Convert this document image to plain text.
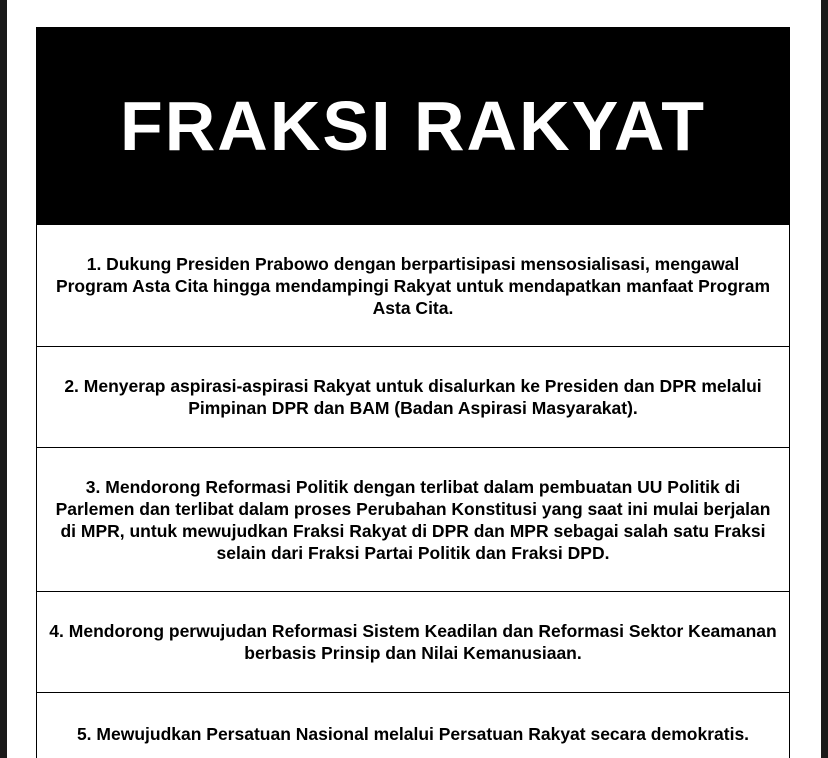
FRAKSI RAKYAT
1. Dukung Presiden Prabowo dengan berpartisipasi mensosialisasi, mengawal Program Asta Cita hingga mendampingi Rakyat untuk mendapatkan manfaat Program Asta Cita.
2. Menyerap aspirasi-aspirasi Rakyat untuk disalurkan ke Presiden dan DPR melalui Pimpinan DPR dan BAM (Badan Aspirasi Masyarakat).
3. Mendorong Reformasi Politik dengan terlibat dalam pembuatan UU Politik di Parlemen dan terlibat dalam proses Perubahan Konstitusi yang saat ini mulai berjalan di MPR, untuk mewujudkan Fraksi Rakyat di DPR dan MPR sebagai salah satu Fraksi selain dari Fraksi Partai Politik dan Fraksi DPD.
4. Mendorong perwujudan Reformasi Sistem Keadilan dan Reformasi Sektor Keamanan berbasis Prinsip dan Nilai Kemanusiaan.
5. Mewujudkan Persatuan Nasional melalui Persatuan Rakyat secara demokratis.
